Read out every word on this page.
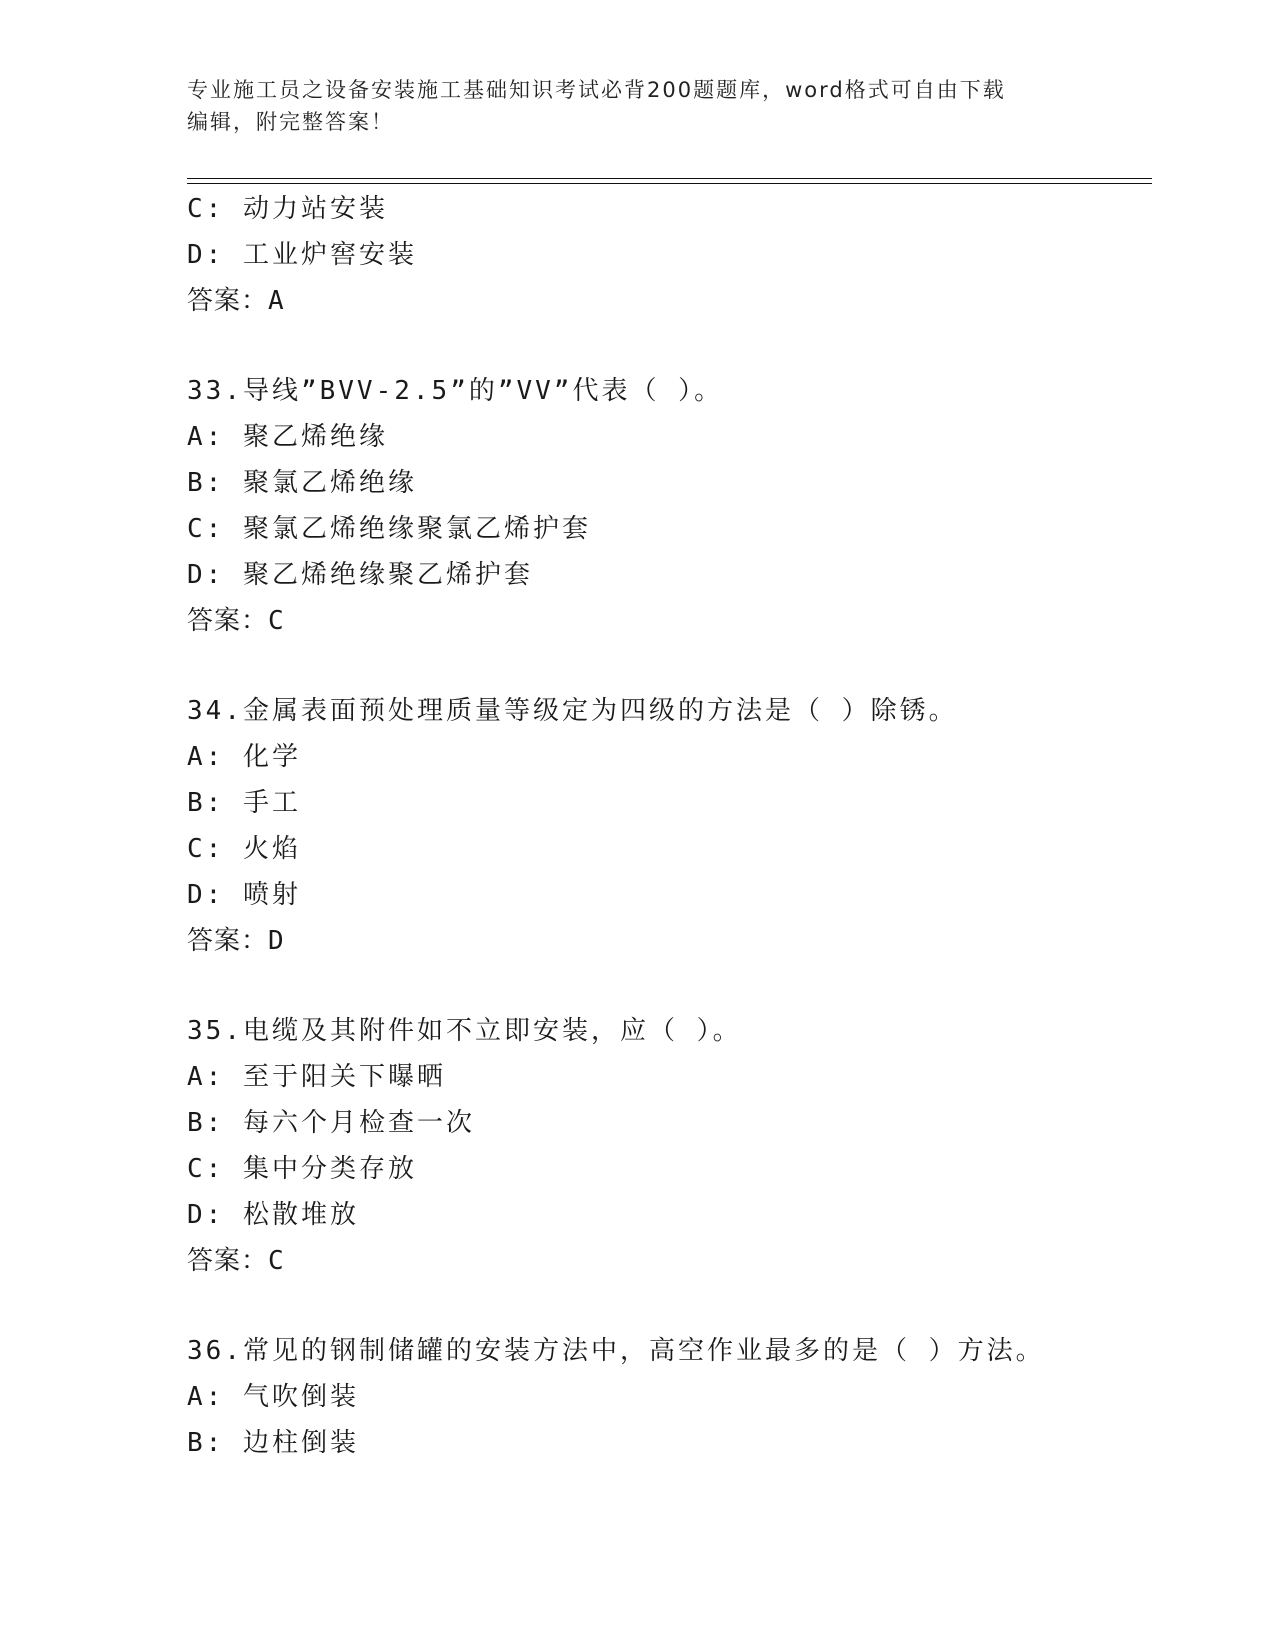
专业施工员之设备安装施工基础知识考试必背200题题库，word格式可自由下载
编辑，附完整答案！
C: 动力站安装
D: 工业炉窖安装
答案：A
33.导线”BVV-2.5”的”VV”代表（ ）。
A: 聚乙烯绝缘
B: 聚氯乙烯绝缘
C: 聚氯乙烯绝缘聚氯乙烯护套
D: 聚乙烯绝缘聚乙烯护套
答案：C
34.金属表面预处理质量等级定为四级的方法是（ ）除锈。
A: 化学
B: 手工
C: 火焰
D: 喷射
答案：D
35.电缆及其附件如不立即安装，应（ ）。
A: 至于阳关下曝晒
B: 每六个月检查一次
C: 集中分类存放
D: 松散堆放
答案：C
36.常见的钢制储罐的安装方法中，高空作业最多的是（ ）方法。
A: 气吹倒装
B: 边柱倒装
